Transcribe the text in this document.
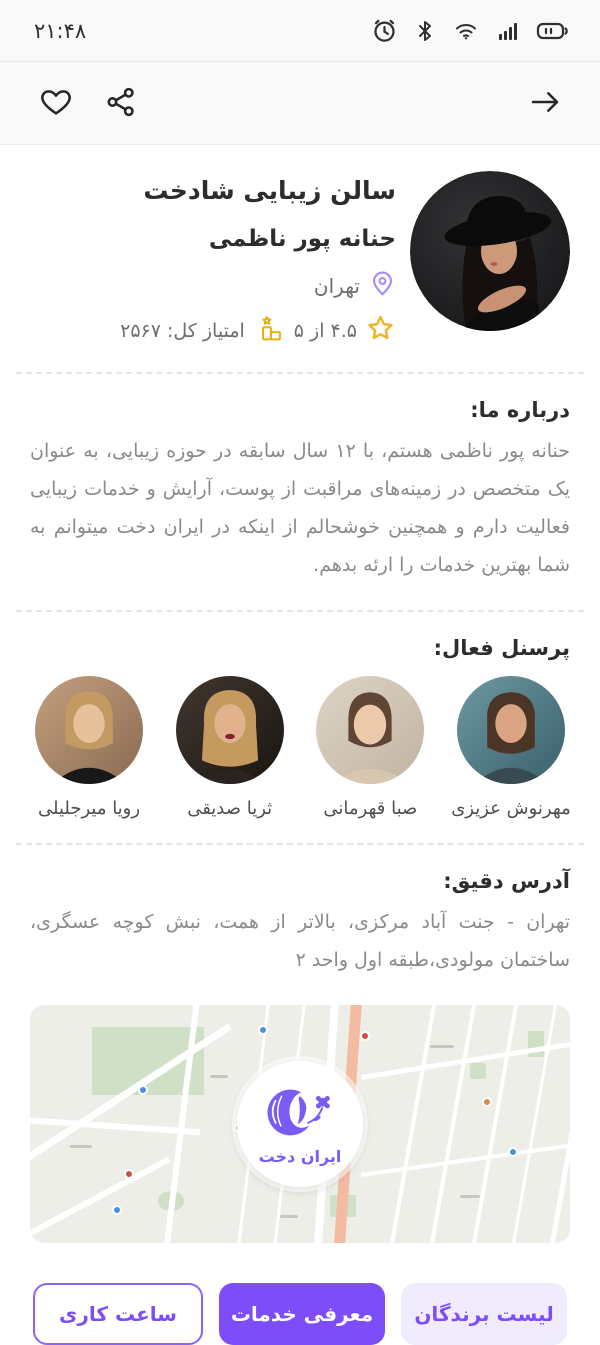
۲۱:۴۸
سالن زیبایی شادخت
حنانه پور ناظمی
تهران
۴.۵ از ۵
امتیاز کل: ۲۵۶۷
درباره ما:
حنانه پور ناظمی هستم، با ۱۲ سال سابقه در حوزه زیبایی، به عنوان یک متخصص در زمینه‌های مراقبت از پوست، آرایش و خدمات زیبایی فعالیت دارم و همچنین خوشحالم از اینکه در ایران دخت میتوانم به شما بهترین خدمات را ارئه بدهم.
پرسنل فعال:
مهرنوش عزیزی
صبا قهرمانی
ثریا صدیقی
رویا میرجلیلی
آدرس دقیق:
تهران - جنت آباد مرکزی، بالاتر از همت، نبش کوچه عسگری، ساختمان مولودی،طبقه اول واحد ۲
ایران دخت
لیست برندگان
معرفی خدمات
ساعت کاری
